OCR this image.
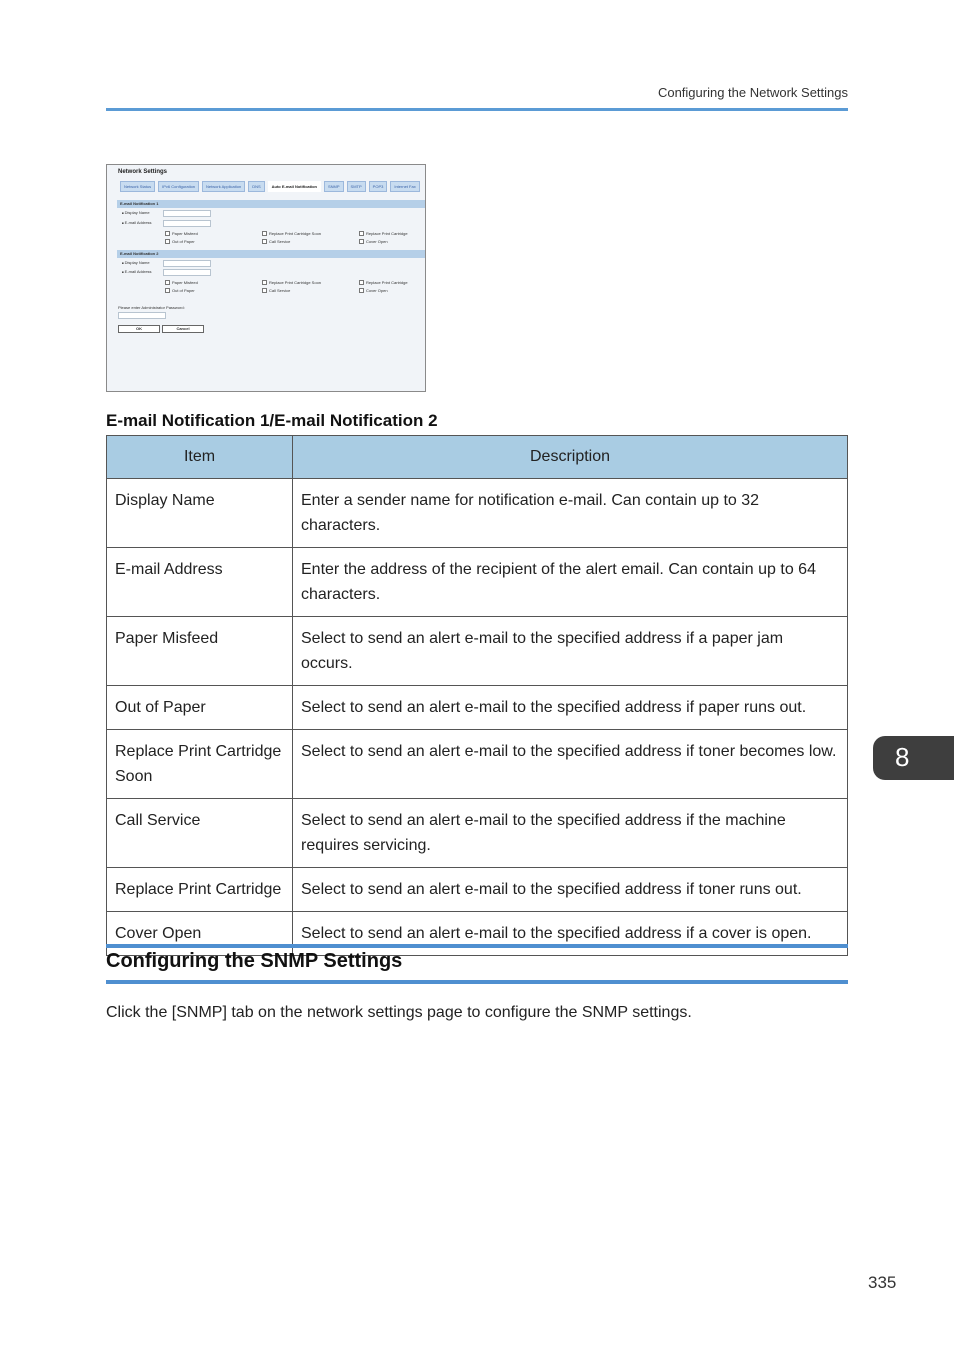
Configuring the Network Settings
Network Settings
Network Status	IPv6 Configuration	Network Application	DNS	Auto E-mail Notification	SNMP	SMTP	POP3	Internet Fax
E-mail Notification 1
■ Display Name
■ E-mail Address
Paper Misfeed	Replace Print Cartridge Soon	Replace Print Cartridge
Out of Paper	Call Service	Cover Open
E-mail Notification 2
■ Display Name
■ E-mail Address
Paper Misfeed	Replace Print Cartridge Soon	Replace Print Cartridge
Out of Paper	Call Service	Cover Open
Please enter Administrator Password:
OK	Cancel
E-mail Notification 1/E-mail Notification 2
Item	Description
Display Name	Enter a sender name for notification e-mail. Can contain up to 32 characters.
E-mail Address	Enter the address of the recipient of the alert email. Can contain up to 64 characters.
Paper Misfeed	Select to send an alert e-mail to the specified address if a paper jam occurs.
Out of Paper	Select to send an alert e-mail to the specified address if paper runs out.
Replace Print Cartridge Soon	Select to send an alert e-mail to the specified address if toner becomes low.
Call Service	Select to send an alert e-mail to the specified address if the machine requires servicing.
Replace Print Cartridge	Select to send an alert e-mail to the specified address if toner runs out.
Cover Open	Select to send an alert e-mail to the specified address if a cover is open.
Configuring the SNMP Settings
Click the [SNMP] tab on the network settings page to configure the SNMP settings.
8
335
